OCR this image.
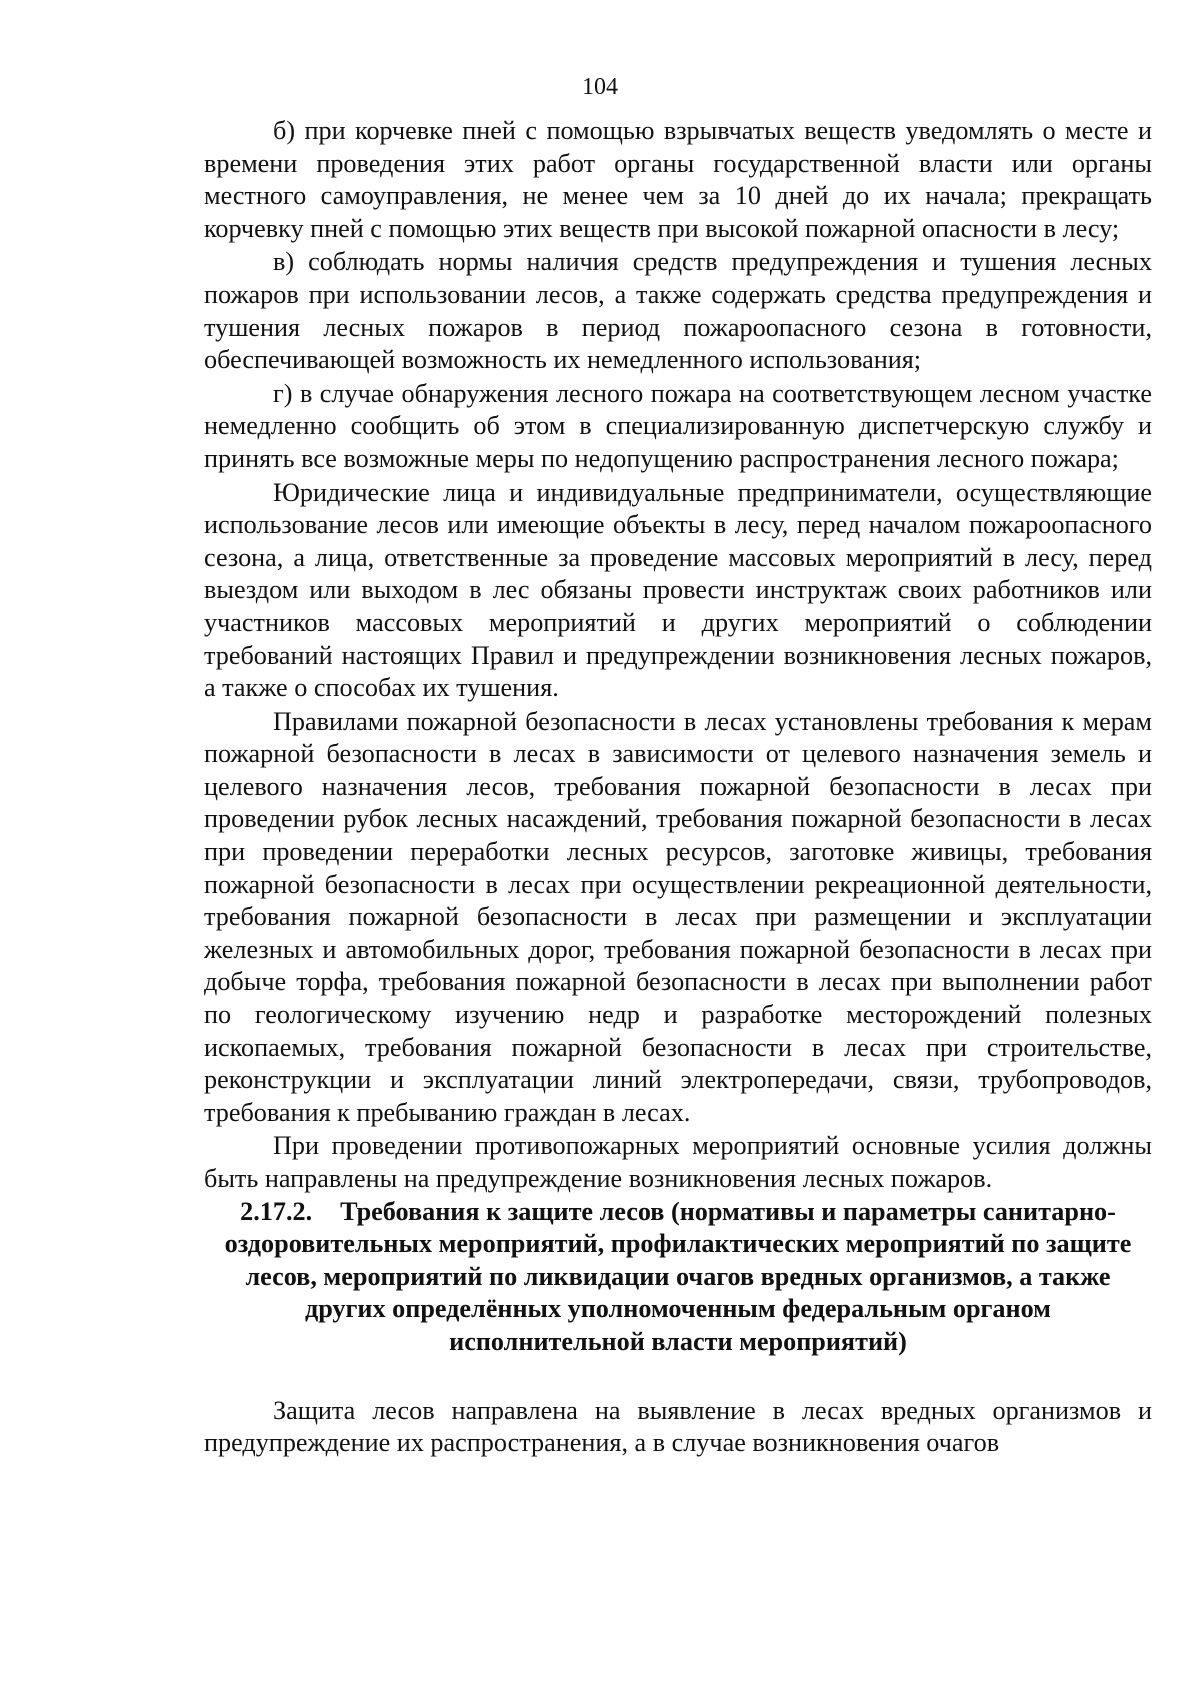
104

б) при корчевке пней с помощью взрывчатых веществ уведомлять о месте и времени проведения этих работ органы государственной власти или органы местного самоуправления, не менее чем за 10 дней до их начала; прекращать корчевку пней с помощью этих веществ при высокой пожарной опасности в лесу;

в) соблюдать нормы наличия средств предупреждения и тушения лесных пожаров при использовании лесов, а также содержать средства предупреждения и тушения лесных пожаров в период пожароопасного сезона в готовности, обеспечивающей возможность их немедленного использования;

г) в случае обнаружения лесного пожара на соответствующем лесном участке немедленно сообщить об этом в специализированную диспетчерскую службу и принять все возможные меры по недопущению распространения лесного пожара;

Юридические лица и индивидуальные предприниматели, осуществляющие использование лесов или имеющие объекты в лесу, перед началом пожароопасного сезона, а лица, ответственные за проведение массовых мероприятий в лесу, перед выездом или выходом в лес обязаны провести инструктаж своих работников или участников массовых мероприятий и других мероприятий о соблюдении требований настоящих Правил и предупреждении возникновения лесных пожаров, а также о способах их тушения.

Правилами пожарной безопасности в лесах установлены требования к мерам пожарной безопасности в лесах в зависимости от целевого назначения земель и целевого назначения лесов, требования пожарной безопасности в лесах при проведении рубок лесных насаждений, требования пожарной безопасности в лесах при проведении переработки лесных ресурсов, заготовке живицы, требования пожарной безопасности в лесах при осуществлении рекреационной деятельности, требования пожарной безопасности в лесах при размещении и эксплуатации железных и автомобильных дорог, требования пожарной безопасности в лесах при добыче торфа, требования пожарной безопасности в лесах при выполнении работ по геологическому изучению недр и разработке месторождений полезных ископаемых, требования пожарной безопасности в лесах при строительстве, реконструкции и эксплуатации линий электропередачи, связи, трубопроводов, требования к пребыванию граждан в лесах.

При проведении противопожарных мероприятий основные усилия должны быть направлены на предупреждение возникновения лесных пожаров.

2.17.2. Требования к защите лесов (нормативы и параметры санитарно-оздоровительных мероприятий, профилактических мероприятий по защите лесов, мероприятий по ликвидации очагов вредных организмов, а также других определённых уполномоченным федеральным органом исполнительной власти мероприятий)

Защита лесов направлена на выявление в лесах вредных организмов и предупреждение их распространения, а в случае возникновения очагов
